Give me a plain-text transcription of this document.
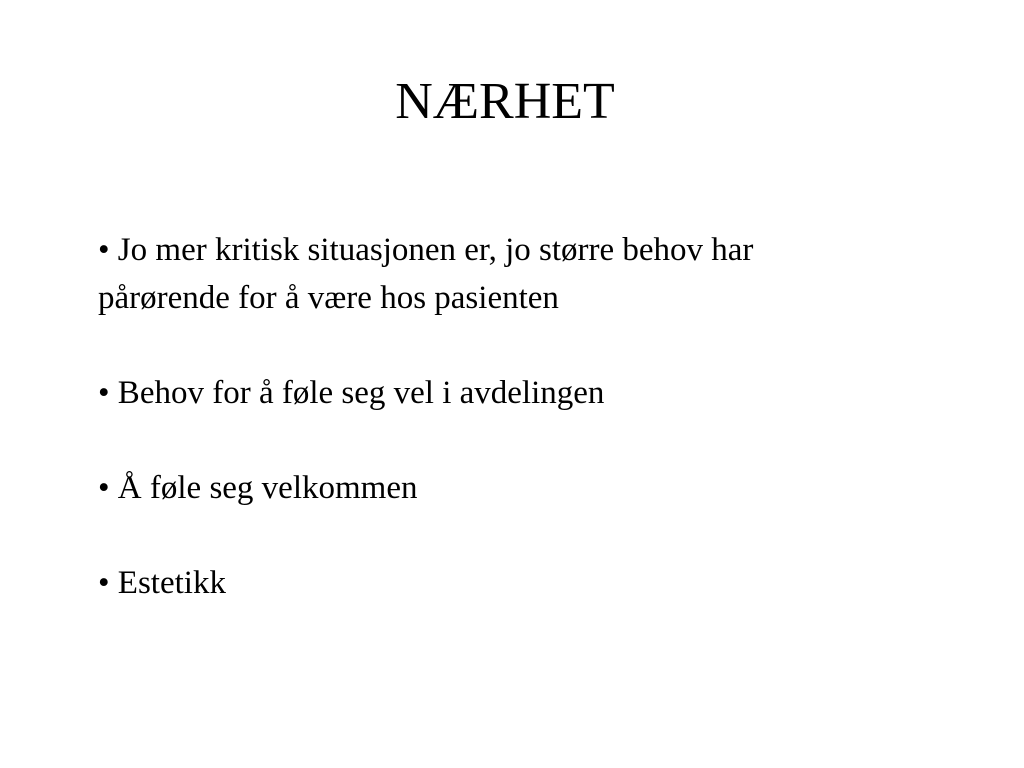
NÆRHET
• Jo mer kritisk situasjonen er, jo større behov har
pårørende for å være hos pasienten
• Behov for å føle seg vel i avdelingen
• Å føle seg velkommen
• Estetikk
